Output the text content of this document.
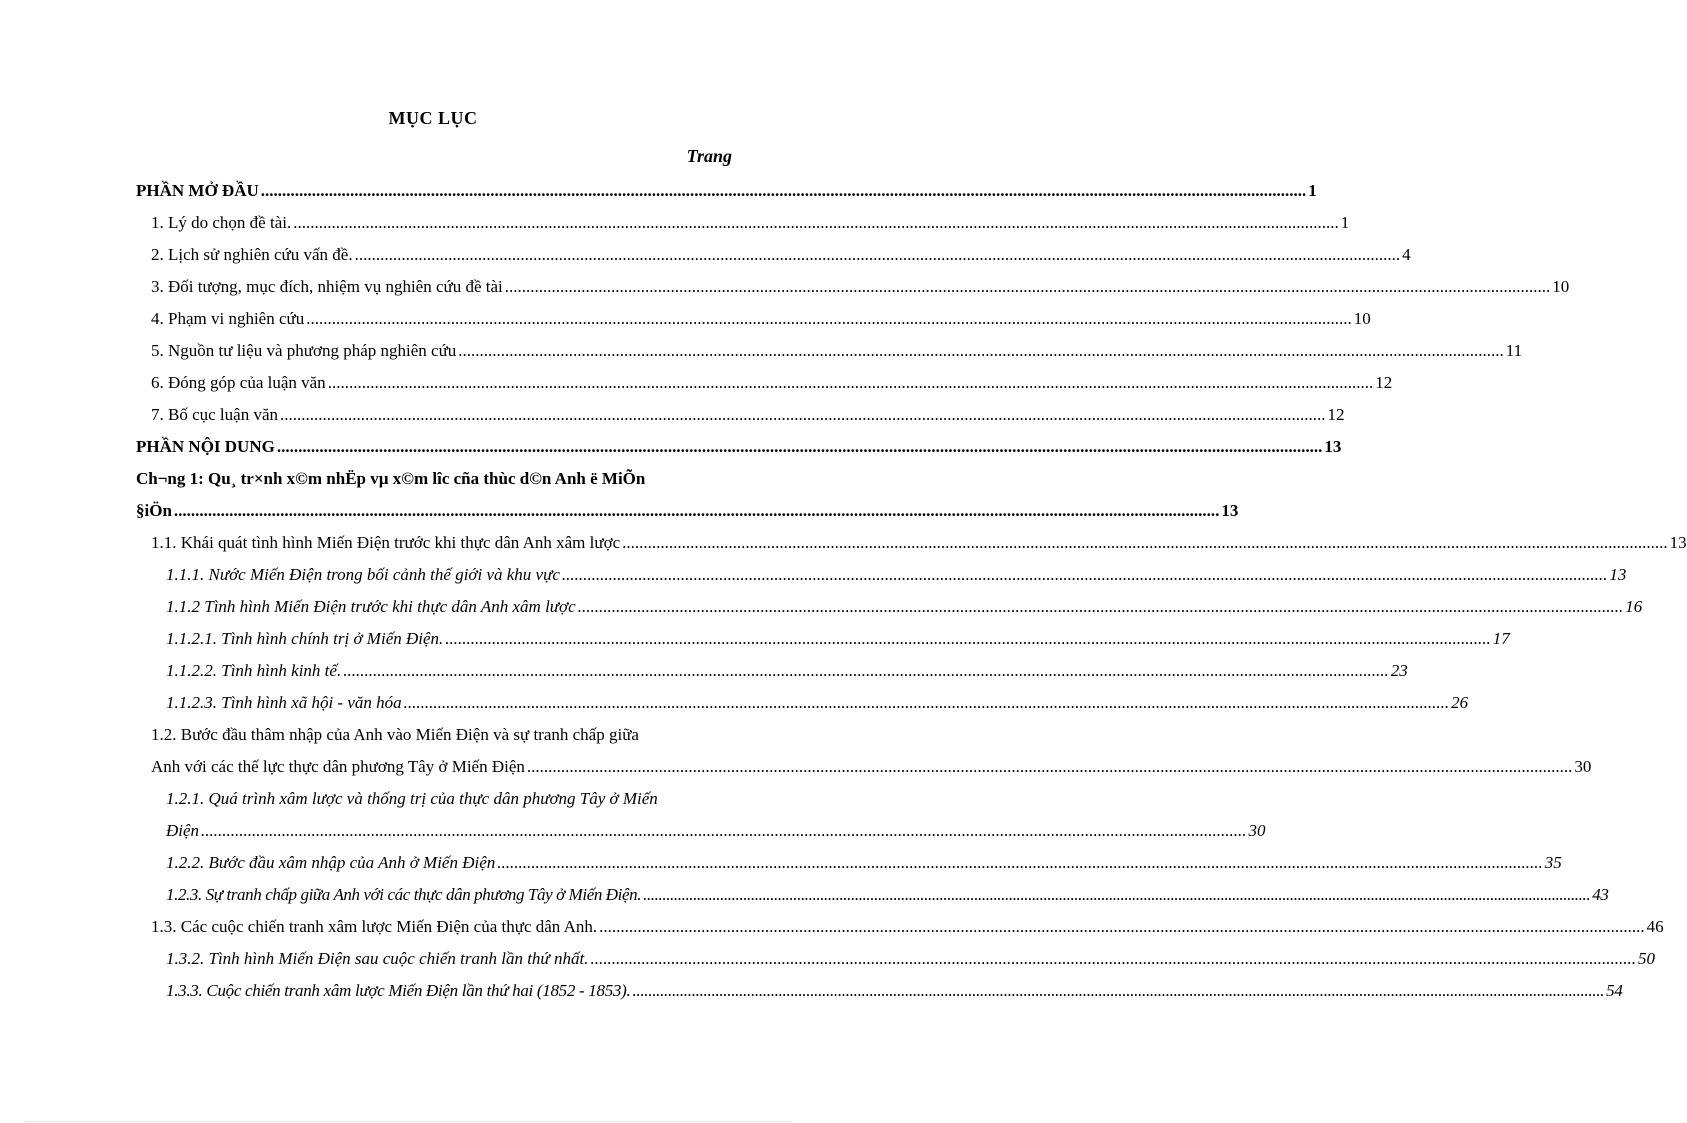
MỤC LỤC
Trang
PHẦN MỞ ĐẦU .....	1
1. Lý do chọn đề tài. .....	1
2. Lịch sử nghiên cứu vấn đề. .....	4
3. Đối tượng, mục đích, nhiệm vụ nghiên cứu đề tài .....	10
4. Phạm vi nghiên cứu .....	10
5. Nguồn tư liệu và phương pháp nghiên cứu .....	11
6. Đóng góp của luận văn .....	12
7. Bố cục luận văn .....	12
PHẦN NỘI DUNG .....	13
Ch¬ng 1: Qu¸ tr×nh x©m nhËp vµ x©m lîc cña thùc d©n Anh ë MiÕn
§iÖn .....	13
1.1. Khái quát tình hình Miến Điện trước khi thực dân Anh xâm lược .....	13
1.1.1. Nước Miến Điện trong bối cảnh thế giới và khu vực .....	13
1.1.2 Tình hình Miến Điện trước khi thực dân Anh xâm lược .....	16
1.1.2.1. Tình hình chính trị ở Miến Điện. .....	17
1.1.2.2. Tình hình kinh tế. .....	23
1.1.2.3. Tình hình xã hội - văn hóa .....	26
1.2. Bước đầu thâm nhập của Anh vào Miến Điện và sự tranh chấp giữa
Anh với các thế lực thực dân phương Tây ở Miến Điện .....	30
1.2.1. Quá trình xâm lược và thống trị của thực dân phương Tây ở Miến
Điện .....	30
1.2.2. Bước đầu xâm nhập của Anh ở Miến Điện .....	35
1.2.3. Sự tranh chấp giữa Anh với các thực dân phương Tây ở Miến Điện. .....	43
1.3. Các cuộc chiến tranh xâm lược Miến Điện của thực dân Anh. .....	46
1.3.2. Tình hình Miến Điện sau cuộc chiến tranh lần thứ nhất. .....	50
1.3.3. Cuộc chiến tranh xâm lược Miến Điện lần thứ hai (1852 - 1853). .....	54
